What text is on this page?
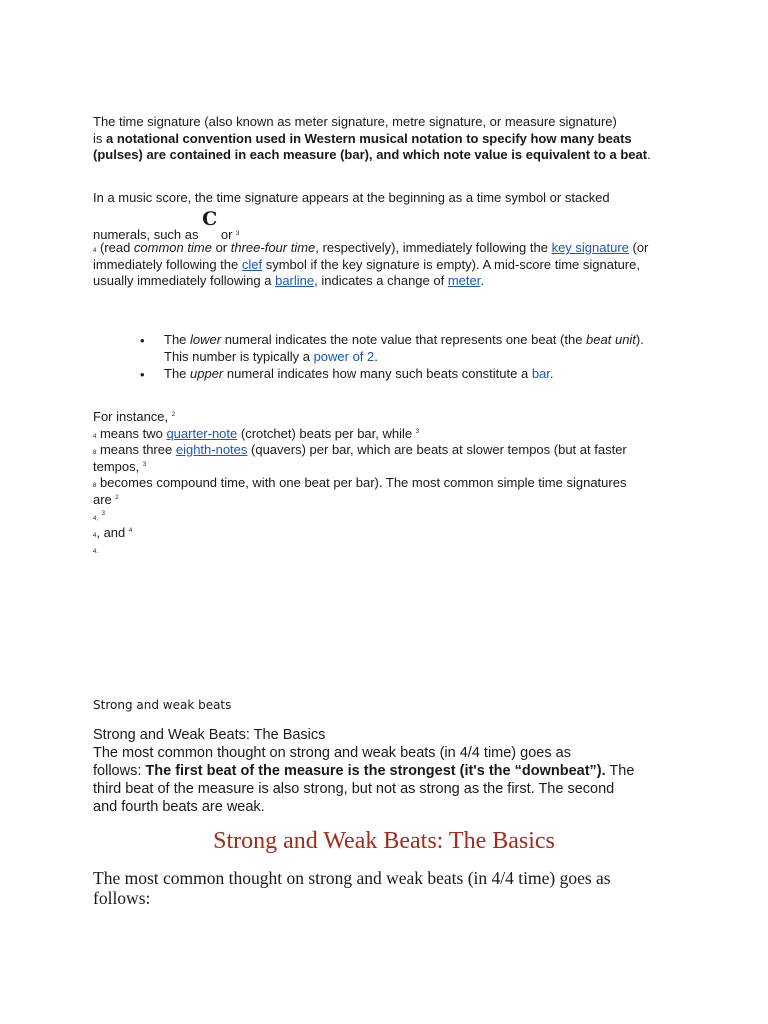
The time signature (also known as meter signature, metre signature, or measure signature)
is a notational convention used in Western musical notation to specify how many beats (pulses) are contained in each measure (bar), and which note value is equivalent to a beat.
In a music score, the time signature appears at the beginning as a time symbol or stacked
numerals, such as C or $_3$
4 (read common time or three-four time, respectively), immediately following the key signature (or
immediately following the clef symbol if the key signature is empty). A mid-score time signature,
usually immediately following a barline, indicates a change of meter.
• The lower numeral indicates the note value that represents one beat (the beat unit).
This number is typically a power of 2.
• The upper numeral indicates how many such beats constitute a bar.
For instance, $^2$
4 means two quarter-note (crotchet) beats per bar, while $^3$
8 means three eighth-notes (quavers) per bar, which are beats at slower tempos (but at faster
tempos, $^3$
8 becomes compound time, with one beat per bar). The most common simple time signatures
are $^2$
4, $^3$
4, and $^4$
4.
Strong and weak beats
Strong and Weak Beats: The Basics
The most common thought on strong and weak beats (in 4/4 time) goes as
follows: The first beat of the measure is the strongest (it's the “downbeat”). The
third beat of the measure is also strong, but not as strong as the first. The second
and fourth beats are weak.
Strong and Weak Beats: The Basics
The most common thought on strong and weak beats (in 4/4 time) goes as
follows:
